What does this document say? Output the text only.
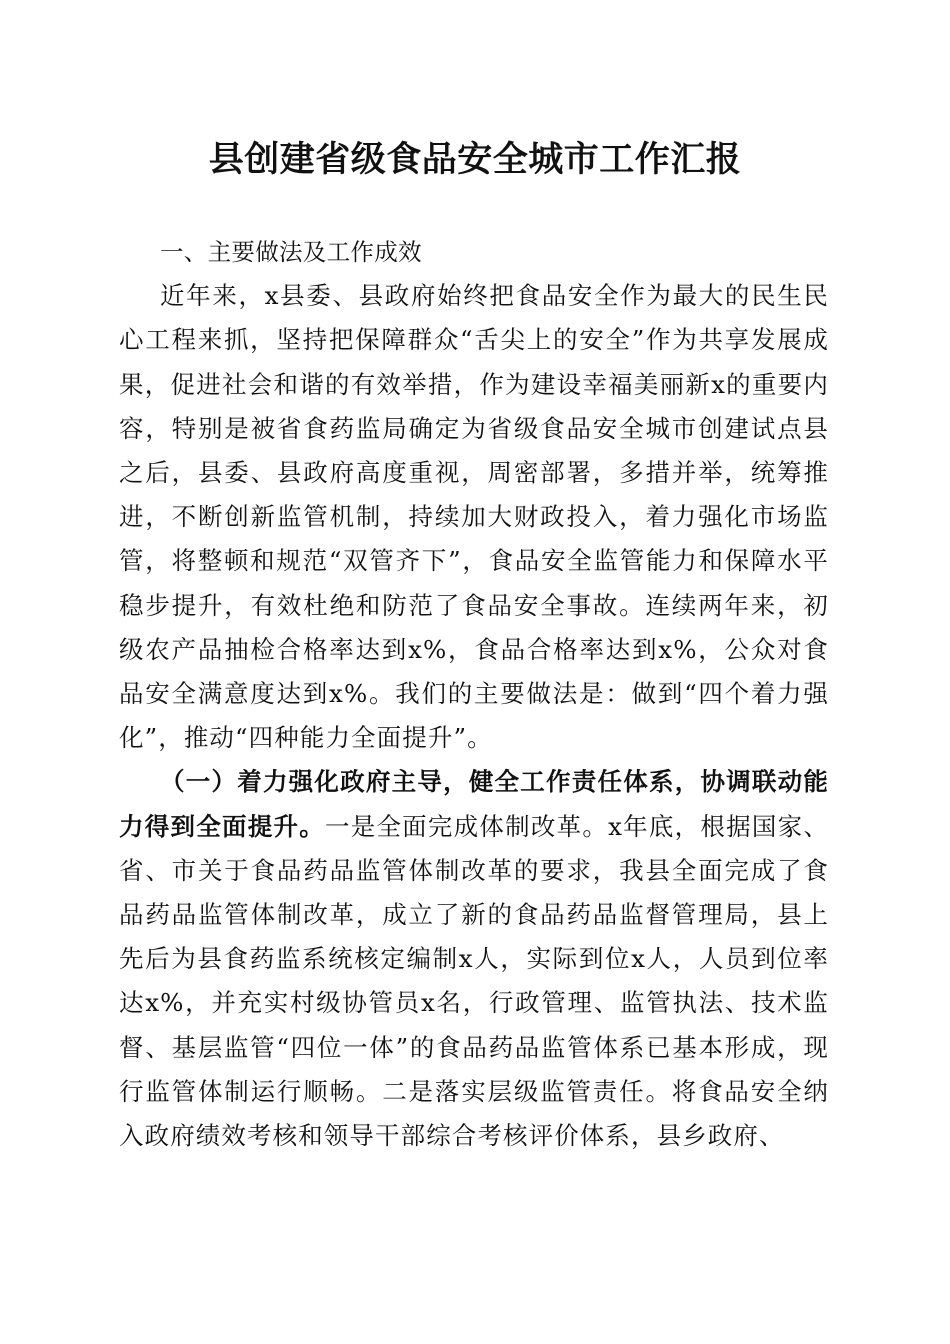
县创建省级食品安全城市工作汇报
一、主要做法及工作成效

近年来，x县委、县政府始终把食品安全作为最大的民生民心工程来抓，坚持把保障群众“舌尖上的安全”作为共享发展成果，促进社会和谐的有效举措，作为建设幸福美丽新x的重要内容，特别是被省食药监局确定为省级食品安全城市创建试点县之后，县委、县政府高度重视，周密部署，多措并举，统筹推进，不断创新监管机制，持续加大财政投入，着力强化市场监管，将整顿和规范“双管齐下”，食品安全监管能力和保障水平稳步提升，有效杜绝和防范了食品安全事故。连续两年来，初级农产品抽检合格率达到x%，食品合格率达到x%，公众对食品安全满意度达到x%。我们的主要做法是：做到“四个着力强化”，推动“四种能力全面提升”。

（一）着力强化政府主导，健全工作责任体系，协调联动能力得到全面提升。一是全面完成体制改革。x年底，根据国家、省、市关于食品药品监管体制改革的要求，我县全面完成了食品药品监管体制改革，成立了新的食品药品监督管理局，县上先后为县食药监系统核定编制x人，实际到位x人，人员到位率达x%，并充实村级协管员x名，行政管理、监管执法、技术监督、基层监管“四位一体”的食品药品监管体系已基本形成，现行监管体制运行顺畅。二是落实层级监管责任。将食品安全纳入政府绩效考核和领导干部综合考核评价体系，县乡政府、
